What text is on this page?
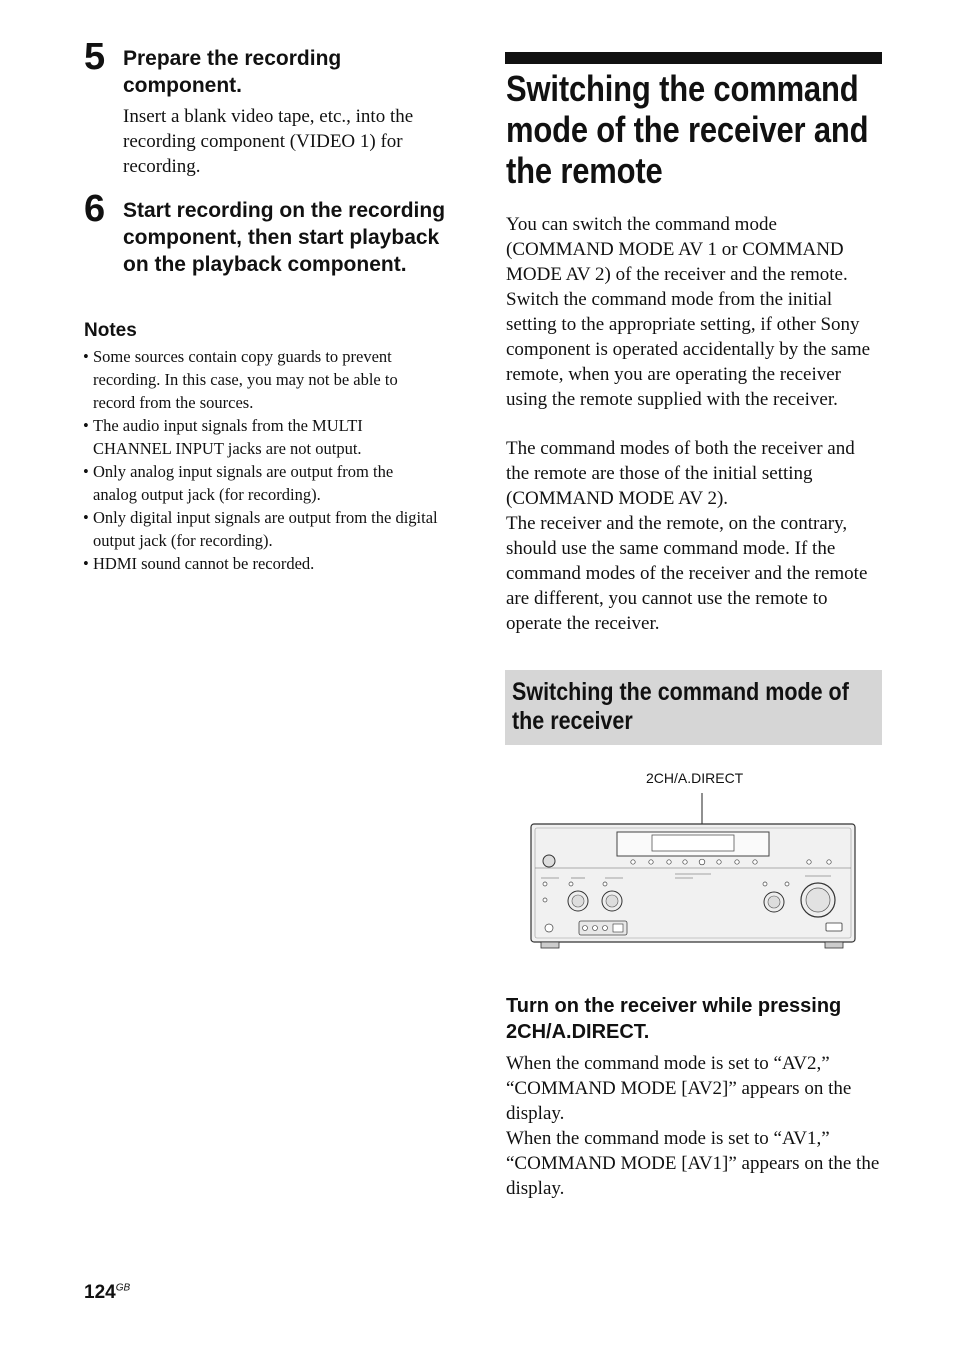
5 Prepare the recording component.
Insert a blank video tape, etc., into the recording component (VIDEO 1) for recording.
6 Start recording on the recording component, then start playback on the playback component.
Notes
• Some sources contain copy guards to prevent recording. In this case, you may not be able to record from the sources.
• The audio input signals from the MULTI CHANNEL INPUT jacks are not output.
• Only analog input signals are output from the analog output jack (for recording).
• Only digital input signals are output from the digital output jack (for recording).
• HDMI sound cannot be recorded.
Switching the command mode of the receiver and the remote
You can switch the command mode (COMMAND MODE AV 1 or COMMAND MODE AV 2) of the receiver and the remote. Switch the command mode from the initial setting to the appropriate setting, if other Sony component is operated accidentally by the same remote, when you are operating the receiver using the remote supplied with the receiver.
The command modes of both the receiver and the remote are those of the initial setting (COMMAND MODE AV 2).
The receiver and the remote, on the contrary, should use the same command mode. If the command modes of the receiver and the remote are different, you cannot use the remote to operate the receiver.
Switching the command mode of the receiver
2CH/A.DIRECT
Turn on the receiver while pressing 2CH/A.DIRECT.
When the command mode is set to “AV2,” “COMMAND MODE [AV2]” appears on the display.
When the command mode is set to “AV1,” “COMMAND MODE [AV1]” appears on the the display.
$124^{GB}$
